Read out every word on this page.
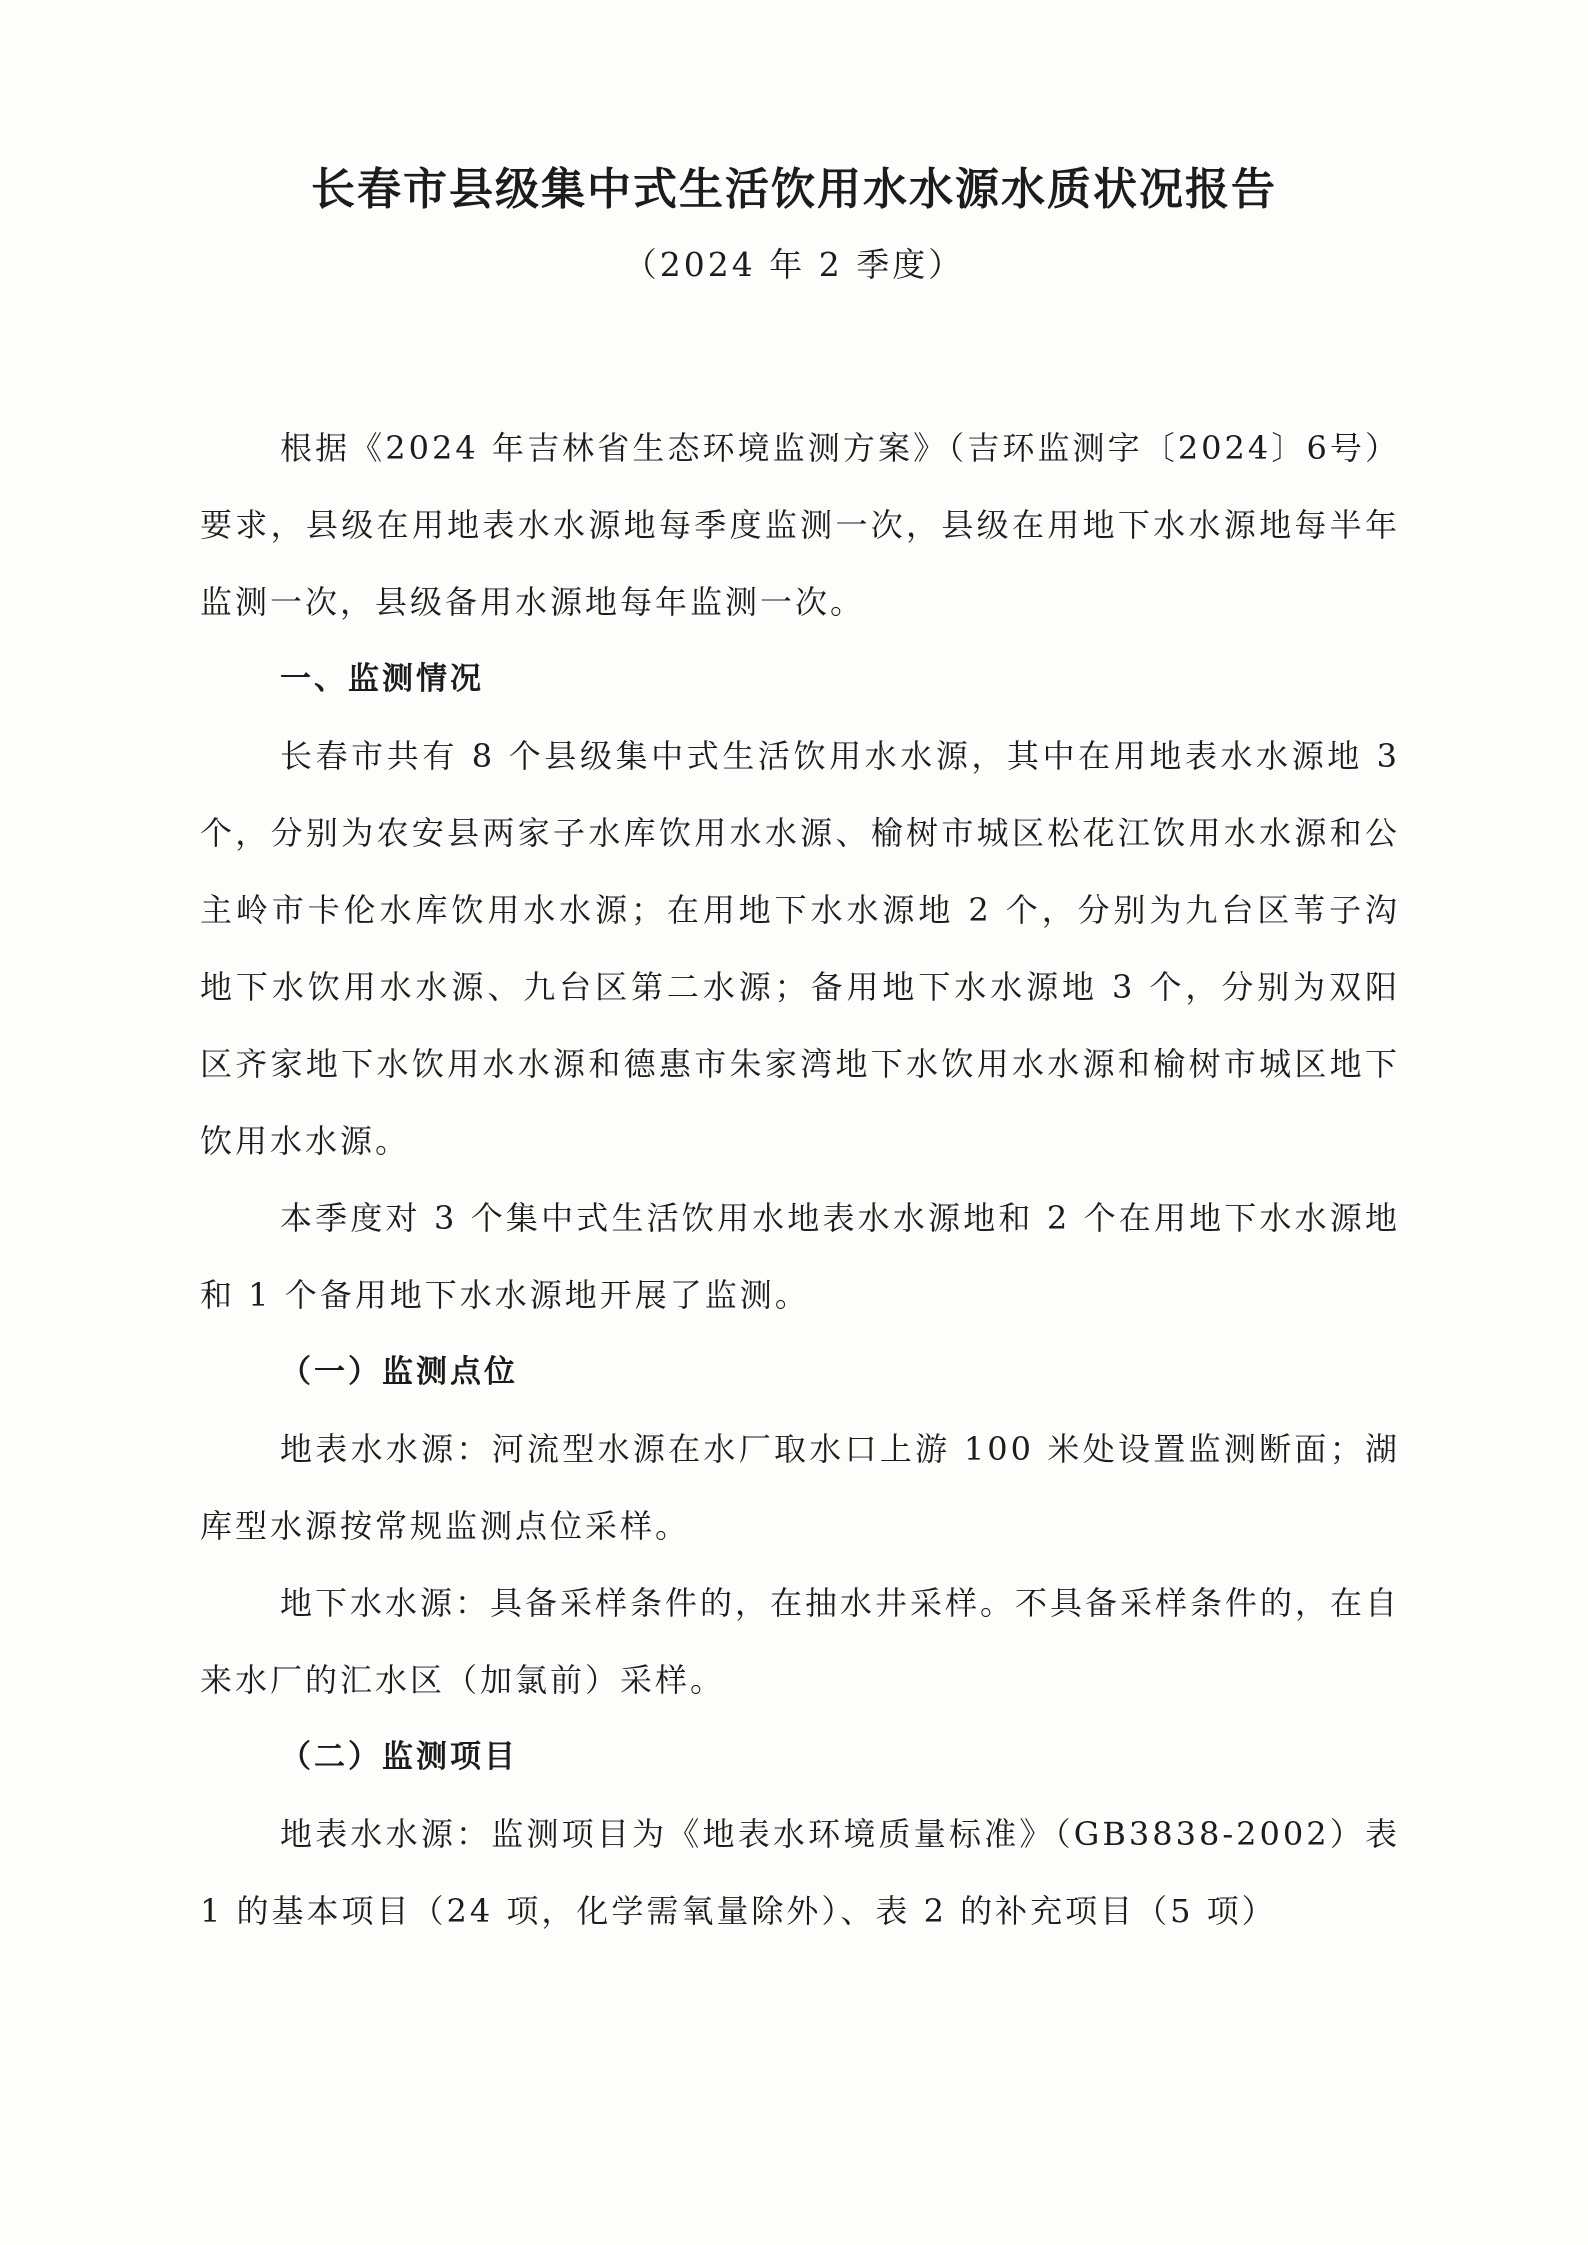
长春市县级集中式生活饮用水水源水质状况报告
（2024 年 2 季度）

根据《2024 年吉林省生态环境监测方案》（吉环监测字〔2024〕6号）要求，县级在用地表水水源地每季度监测一次，县级在用地下水水源地每半年监测一次，县级备用水源地每年监测一次。

一、监测情况

长春市共有 8 个县级集中式生活饮用水水源，其中在用地表水水源地 3 个，分别为农安县两家子水库饮用水水源、榆树市城区松花江饮用水水源和公主岭市卡伦水库饮用水水源；在用地下水水源地 2 个，分别为九台区苇子沟地下水饮用水水源、九台区第二水源；备用地下水水源地 3 个，分别为双阳区齐家地下水饮用水水源和德惠市朱家湾地下水饮用水水源和榆树市城区地下饮用水水源。

本季度对 3 个集中式生活饮用水地表水水源地和 2 个在用地下水水源地和 1 个备用地下水水源地开展了监测。

（一）监测点位

地表水水源：河流型水源在水厂取水口上游 100 米处设置监测断面；湖库型水源按常规监测点位采样。

地下水水源：具备采样条件的，在抽水井采样。不具备采样条件的，在自来水厂的汇水区（加氯前）采样。

（二）监测项目

地表水水源：监测项目为《地表水环境质量标准》（GB3838-2002）表 1 的基本项目（24 项，化学需氧量除外）、表 2 的补充项目（5 项）
